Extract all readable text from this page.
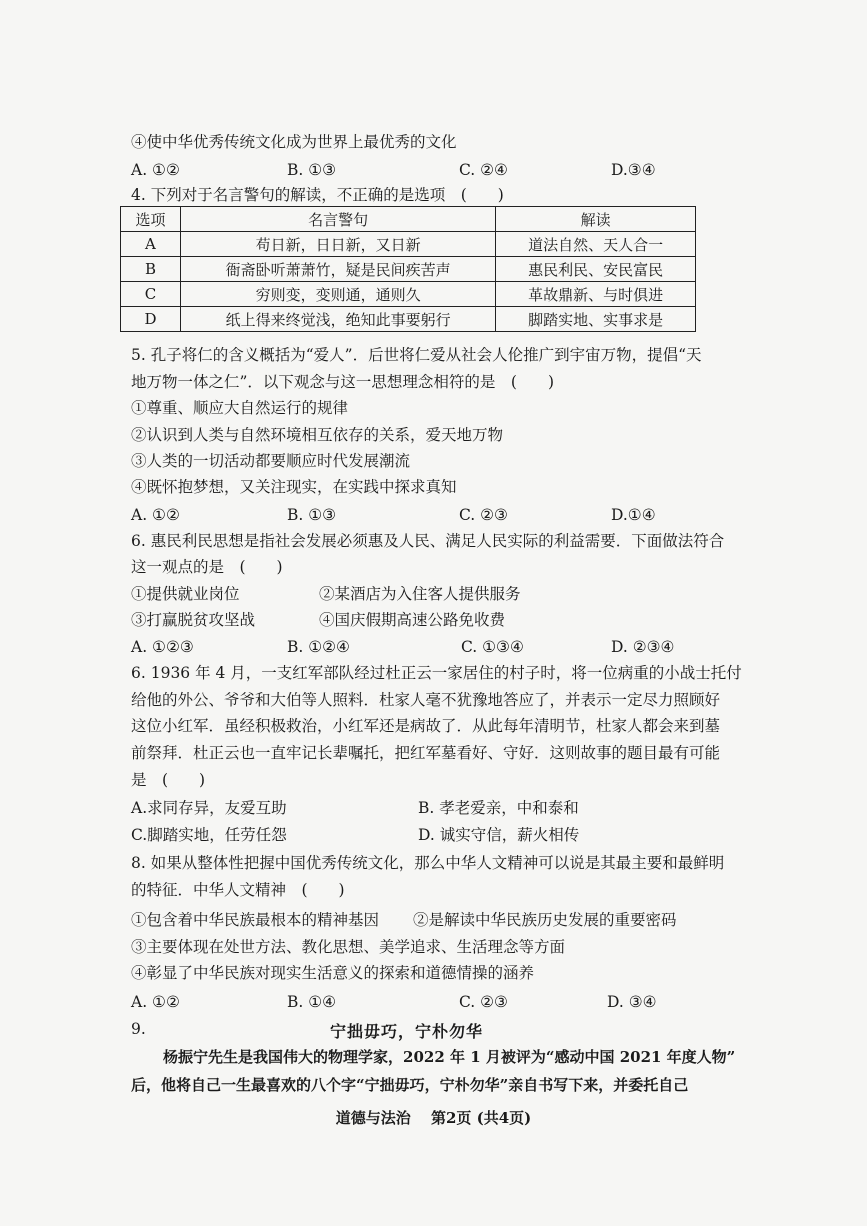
④使中华优秀传统文化成为世界上最优秀的文化
A. ①②	B. ①③	C. ②④	D.③④
4. 下列对于名言警句的解读，不正确的是选项　(　　)
选项	名言警句	解读
A	苟日新，日日新，又日新	道法自然、天人合一
B	衙斋卧听萧萧竹，疑是民间疾苦声	惠民利民、安民富民
C	穷则变，变则通，通则久	革故鼎新、与时俱进
D	纸上得来终觉浅，绝知此事要躬行	脚踏实地、实事求是
5. 孔子将仁的含义概括为“爱人”．后世将仁爱从社会人伦推广到宇宙万物，提倡“天
地万物一体之仁”．以下观念与这一思想理念相符的是　(　　)
①尊重、顺应大自然运行的规律
②认识到人类与自然环境相互依存的关系，爱天地万物
③人类的一切活动都要顺应时代发展潮流
④既怀抱梦想，又关注现实，在实践中探求真知
A. ①②	B. ①③	C. ②③	D.①④
6. 惠民利民思想是指社会发展必须惠及人民、满足人民实际的利益需要．下面做法符合
这一观点的是　(　　)
①提供就业岗位	②某酒店为入住客人提供服务
③打赢脱贫攻坚战	④国庆假期高速公路免收费
A. ①②③	B. ①②④	C. ①③④	D. ②③④
6. 1936 年 4 月，一支红军部队经过杜正云一家居住的村子时，将一位病重的小战士托付
给他的外公、爷爷和大伯等人照料．杜家人毫不犹豫地答应了，并表示一定尽力照顾好
这位小红军．虽经积极救治，小红军还是病故了．从此每年清明节，杜家人都会来到墓
前祭拜．杜正云也一直牢记长辈嘱托，把红军墓看好、守好．这则故事的题目最有可能
是　(　　)
A.求同存异，友爱互助	B. 孝老爱亲，中和泰和
C.脚踏实地，任劳任怨	D. 诚实守信，薪火相传
8. 如果从整体性把握中国优秀传统文化，那么中华人文精神可以说是其最主要和最鲜明
的特征．中华人文精神　(　　)
①包含着中华民族最根本的精神基因 ②是解读中华民族历史发展的重要密码
③主要体现在处世方法、教化思想、美学追求、生活理念等方面
④彰显了中华民族对现实生活意义的探索和道德情操的涵养
A. ①②	B. ①④	C. ②③	D. ③④
9.	宁拙毋巧，宁朴勿华
杨振宁先生是我国伟大的物理学家，2022 年 1 月被评为“感动中国 2021 年度人物”
后，他将自己一生最喜欢的八个字“宁拙毋巧，宁朴勿华”亲自书写下来，并委托自己
道德与法治　 第2页 (共4页)
